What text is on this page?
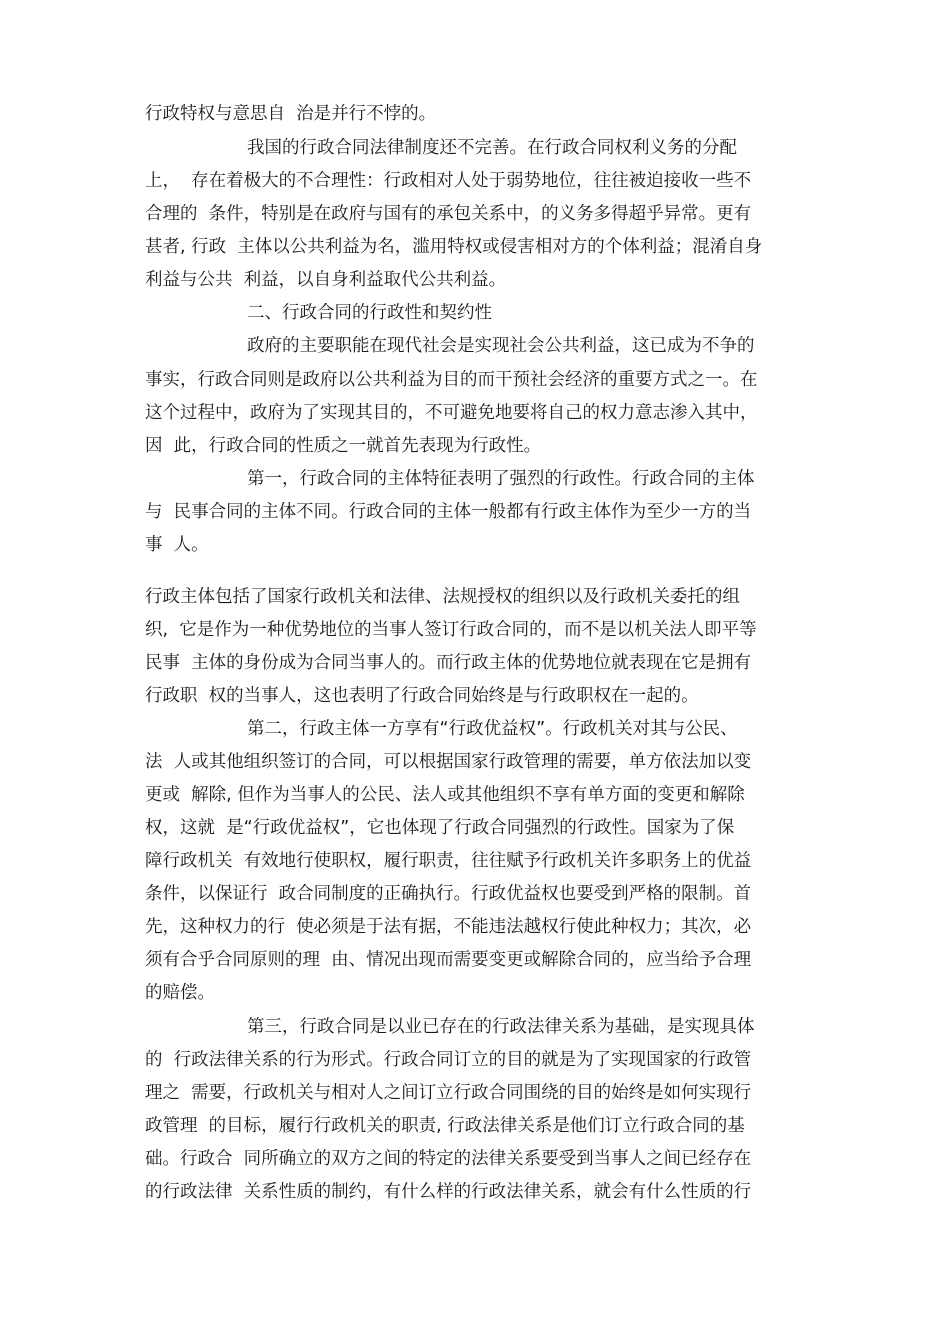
行政特权与意思自  治是并行不悖的。
我国的行政合同法律制度还不完善。在行政合同权利义务的分配
上，  存在着极大的不合理性：行政相对人处于弱势地位，往往被迫接收一些不
合理的  条件，特别是在政府与国有的承包关系中，的义务多得超乎异常。更有
甚者, 行政  主体以公共利益为名，滥用特权或侵害相对方的个体利益；混淆自身
利益与公共  利益，以自身利益取代公共利益。
二、行政合同的行政性和契约性
政府的主要职能在现代社会是实现社会公共利益，这已成为不争的
事实，行政合同则是政府以公共利益为目的而干预社会经济的重要方式之一。在
这个过程中，政府为了实现其目的，不可避免地要将自己的权力意志渗入其中，
因  此，行政合同的性质之一就首先表现为行政性。
第一，行政合同的主体特征表明了强烈的行政性。行政合同的主体
与  民事合同的主体不同。行政合同的主体一般都有行政主体作为至少一方的当
事  人。
行政主体包括了国家行政机关和法律、法规授权的组织以及行政机关委托的组
织,  它是作为一种优势地位的当事人签订行政合同的，而不是以机关法人即平等
民事  主体的身份成为合同当事人的。而行政主体的优势地位就表现在它是拥有
行政职  权的当事人，这也表明了行政合同始终是与行政职权在一起的。
第二，行政主体一方享有“行政优益权”。行政机关对其与公民、
法  人或其他组织签订的合同，可以根据国家行政管理的需要，单方依法加以变
更或  解除, 但作为当事人的公民、法人或其他组织不享有单方面的变更和解除
权，这就  是“行政优益权”，它也体现了行政合同强烈的行政性。国家为了保
障行政机关  有效地行使职权，履行职责，往往赋予行政机关许多职务上的优益
条件，以保证行  政合同制度的正确执行。行政优益权也要受到严格的限制。首
先，这种权力的行  使必须是于法有据，不能违法越权行使此种权力；其次，必
须有合乎合同原则的理  由、情况出现而需要变更或解除合同的，应当给予合理
的赔偿。
第三，行政合同是以业已存在的行政法律关系为基础，是实现具体
的  行政法律关系的行为形式。行政合同订立的目的就是为了实现国家的行政管
理之  需要，行政机关与相对人之间订立行政合同围绕的目的始终是如何实现行
政管理  的目标，履行行政机关的职责, 行政法律关系是他们订立行政合同的基
础。行政合  同所确立的双方之间的特定的法律关系要受到当事人之间已经存在
的行政法律  关系性质的制约，有什么样的行政法律关系，就会有什么性质的行
